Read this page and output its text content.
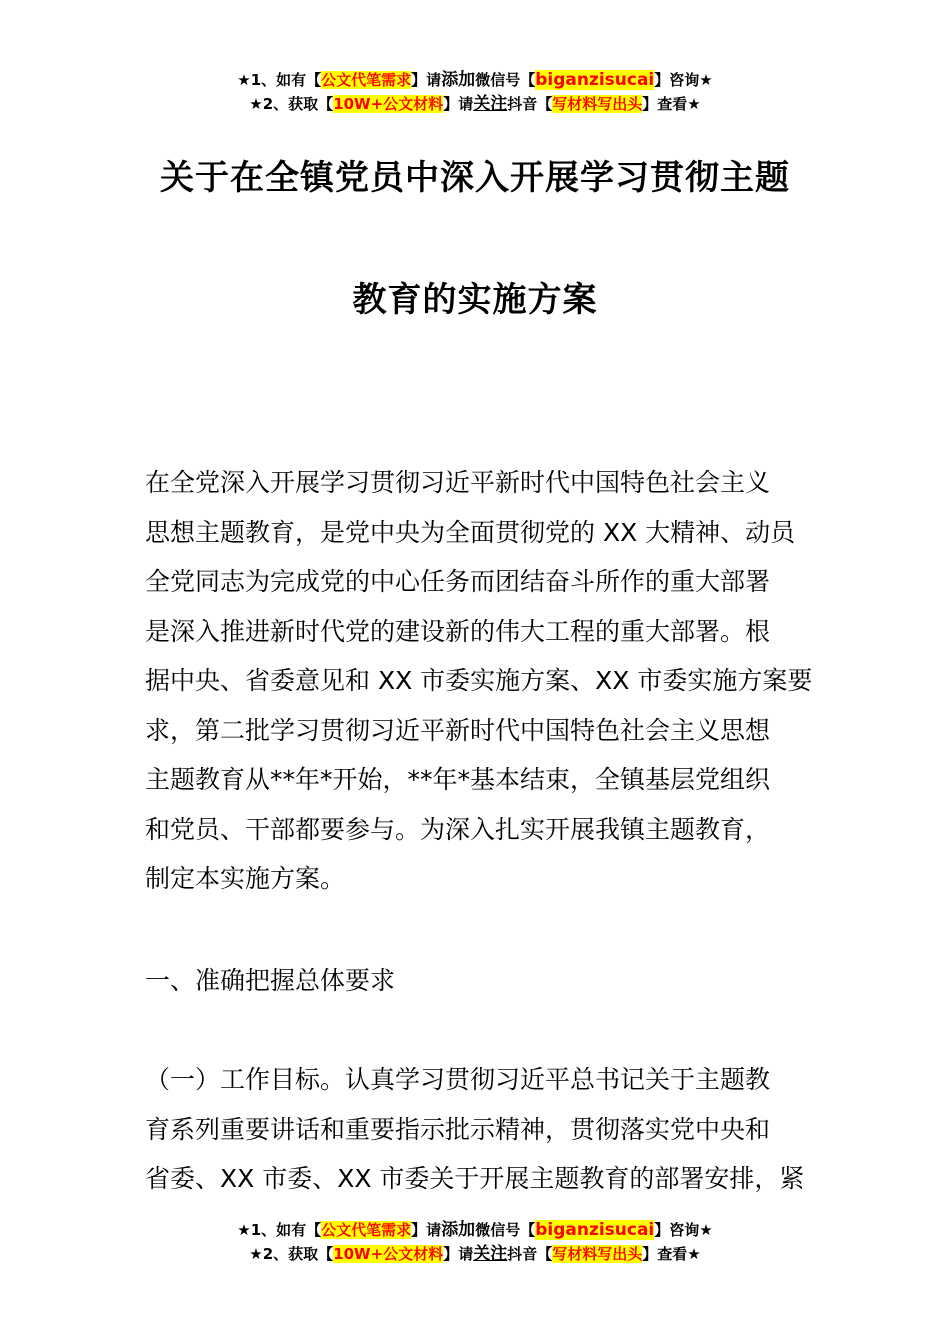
★1、如有【公文代笔需求】请添加微信号【biganzisucai】咨询★
★2、获取【10W+公文材料】请关注抖音【写材料写出头】查看★
关于在全镇党员中深入开展学习贯彻主题
教育的实施方案
在全党深入开展学习贯彻习近平新时代中国特色社会主义
思想主题教育，是党中央为全面贯彻党的 XX 大精神、动员
全党同志为完成党的中心任务而团结奋斗所作的重大部署
是深入推进新时代党的建设新的伟大工程的重大部署。根
据中央、省委意见和 XX 市委实施方案、XX 市委实施方案要
求，第二批学习贯彻习近平新时代中国特色社会主义思想
主题教育从**年*开始，**年*基本结束，全镇基层党组织
和党员、干部都要参与。为深入扎实开展我镇主题教育，
制定本实施方案。
一、准确把握总体要求
（一）工作目标。认真学习贯彻习近平总书记关于主题教
育系列重要讲话和重要指示批示精神，贯彻落实党中央和
省委、XX 市委、XX 市委关于开展主题教育的部署安排，紧
★1、如有【公文代笔需求】请添加微信号【biganzisucai】咨询★
★2、获取【10W+公文材料】请关注抖音【写材料写出头】查看★
